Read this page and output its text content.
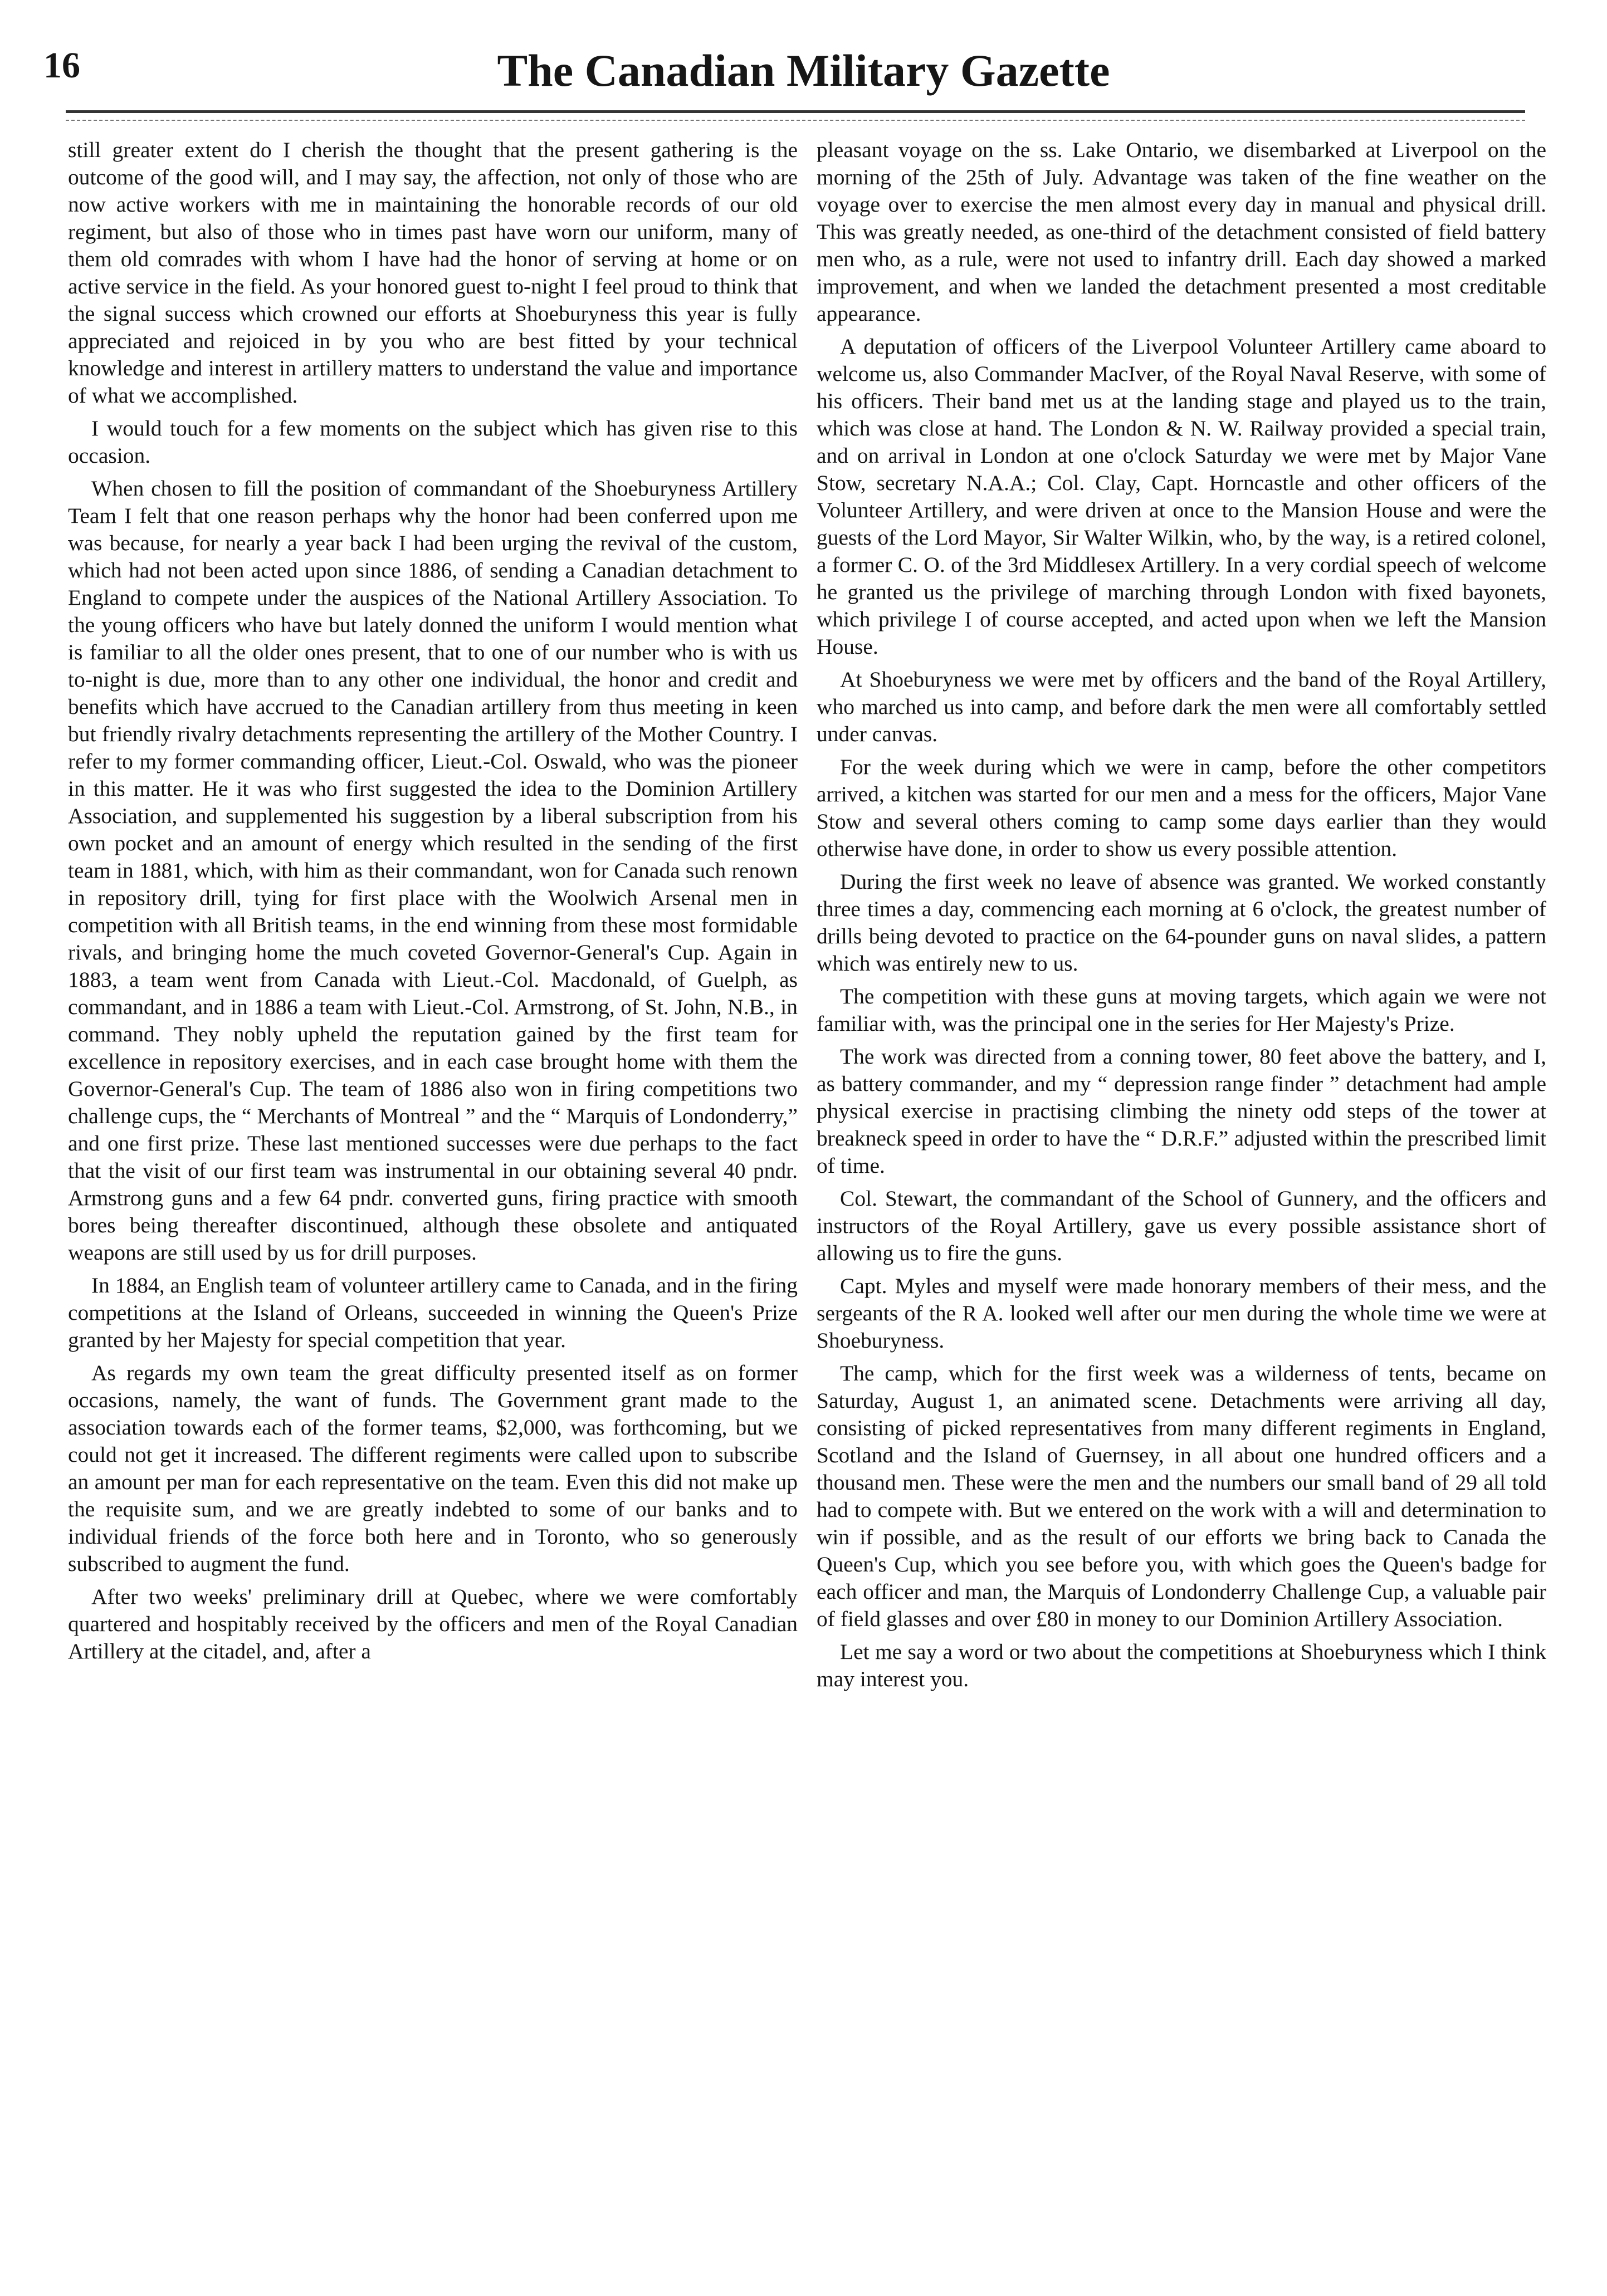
16	The Canadian Military Gazette

still greater extent do I cherish the thought that the present gathering is the outcome of the good will, and I may say, the affection, not only of those who are now active workers with me in maintaining the honorable records of our old regiment, but also of those who in times past have worn our uniform, many of them old comrades with whom I have had the honor of serving at home or on active service in the field. As your honored guest to-night I feel proud to think that the signal success which crowned our efforts at Shoeburyness this year is fully appreciated and rejoiced in by you who are best fitted by your technical knowledge and interest in artillery matters to understand the value and importance of what we accomplished.

I would touch for a few moments on the subject which has given rise to this occasion.

When chosen to fill the position of commandant of the Shoeburyness Artillery Team I felt that one reason perhaps why the honor had been conferred upon me was because, for nearly a year back I had been urging the revival of the custom, which had not been acted upon since 1886, of sending a Canadian detachment to England to compete under the auspices of the National Artillery Association. To the young officers who have but lately donned the uniform I would mention what is familiar to all the older ones present, that to one of our number who is with us to-night is due, more than to any other one individual, the honor and credit and benefits which have accrued to the Canadian artillery from thus meeting in keen but friendly rivalry detachments representing the artillery of the Mother Country. I refer to my former commanding officer, Lieut.-Col. Oswald, who was the pioneer in this matter. He it was who first suggested the idea to the Dominion Artillery Association, and supplemented his suggestion by a liberal subscription from his own pocket and an amount of energy which resulted in the sending of the first team in 1881, which, with him as their commandant, won for Canada such renown in repository drill, tying for first place with the Woolwich Arsenal men in competition with all British teams, in the end winning from these most formidable rivals, and bringing home the much coveted Governor-General's Cup. Again in 1883, a team went from Canada with Lieut.-Col. Macdonald, of Guelph, as commandant, and in 1886 a team with Lieut.-Col. Armstrong, of St. John, N.B., in command. They nobly upheld the reputation gained by the first team for excellence in repository exercises, and in each case brought home with them the Governor-General's Cup. The team of 1886 also won in firing competitions two challenge cups, the “ Merchants of Montreal ” and the “ Marquis of Londonderry,” and one first prize. These last mentioned successes were due perhaps to the fact that the visit of our first team was instrumental in our obtaining several 40 pndr. Armstrong guns and a few 64 pndr. converted guns, firing practice with smooth bores being thereafter discontinued, although these obsolete and antiquated weapons are still used by us for drill purposes.

In 1884, an English team of volunteer artillery came to Canada, and in the firing competitions at the Island of Orleans, succeeded in winning the Queen's Prize granted by her Majesty for special competition that year.

As regards my own team the great difficulty presented itself as on former occasions, namely, the want of funds. The Government grant made to the association towards each of the former teams, $2,000, was forthcoming, but we could not get it increased. The different regiments were called upon to subscribe an amount per man for each representative on the team. Even this did not make up the requisite sum, and we are greatly indebted to some of our banks and to individual friends of the force both here and in Toronto, who so generously subscribed to augment the fund.

After two weeks' preliminary drill at Quebec, where we were comfortably quartered and hospitably received by the officers and men of the Royal Canadian Artillery at the citadel, and, after a

pleasant voyage on the ss. Lake Ontario, we disembarked at Liverpool on the morning of the 25th of July. Advantage was taken of the fine weather on the voyage over to exercise the men almost every day in manual and physical drill. This was greatly needed, as one-third of the detachment consisted of field battery men who, as a rule, were not used to infantry drill. Each day showed a marked improvement, and when we landed the detachment presented a most creditable appearance.

A deputation of officers of the Liverpool Volunteer Artillery came aboard to welcome us, also Commander MacIver, of the Royal Naval Reserve, with some of his officers. Their band met us at the landing stage and played us to the train, which was close at hand. The London & N. W. Railway provided a special train, and on arrival in London at one o'clock Saturday we were met by Major Vane Stow, secretary N.A.A.; Col. Clay, Capt. Horncastle and other officers of the Volunteer Artillery, and were driven at once to the Mansion House and were the guests of the Lord Mayor, Sir Walter Wilkin, who, by the way, is a retired colonel, a former C. O. of the 3rd Middlesex Artillery. In a very cordial speech of welcome he granted us the privilege of marching through London with fixed bayonets, which privilege I of course accepted, and acted upon when we left the Mansion House.

At Shoeburyness we were met by officers and the band of the Royal Artillery, who marched us into camp, and before dark the men were all comfortably settled under canvas.

For the week during which we were in camp, before the other competitors arrived, a kitchen was started for our men and a mess for the officers, Major Vane Stow and several others coming to camp some days earlier than they would otherwise have done, in order to show us every possible attention.

During the first week no leave of absence was granted. We worked constantly three times a day, commencing each morning at 6 o'clock, the greatest number of drills being devoted to practice on the 64-pounder guns on naval slides, a pattern which was entirely new to us.

The competition with these guns at moving targets, which again we were not familiar with, was the principal one in the series for Her Majesty's Prize.

The work was directed from a conning tower, 80 feet above the battery, and I, as battery commander, and my “ depression range finder ” detachment had ample physical exercise in practising climbing the ninety odd steps of the tower at breakneck speed in order to have the “ D.R.F.” adjusted within the prescribed limit of time.

Col. Stewart, the commandant of the School of Gunnery, and the officers and instructors of the Royal Artillery, gave us every possible assistance short of allowing us to fire the guns.

Capt. Myles and myself were made honorary members of their mess, and the sergeants of the R A. looked well after our men during the whole time we were at Shoeburyness.

The camp, which for the first week was a wilderness of tents, became on Saturday, August 1, an animated scene. Detachments were arriving all day, consisting of picked representatives from many different regiments in England, Scotland and the Island of Guernsey, in all about one hundred officers and a thousand men. These were the men and the numbers our small band of 29 all told had to compete with. But we entered on the work with a will and determination to win if possible, and as the result of our efforts we bring back to Canada the Queen's Cup, which you see before you, with which goes the Queen's badge for each officer and man, the Marquis of Londonderry Challenge Cup, a valuable pair of field glasses and over £80 in money to our Dominion Artillery Association.

Let me say a word or two about the competitions at Shoeburyness which I think may interest you.
